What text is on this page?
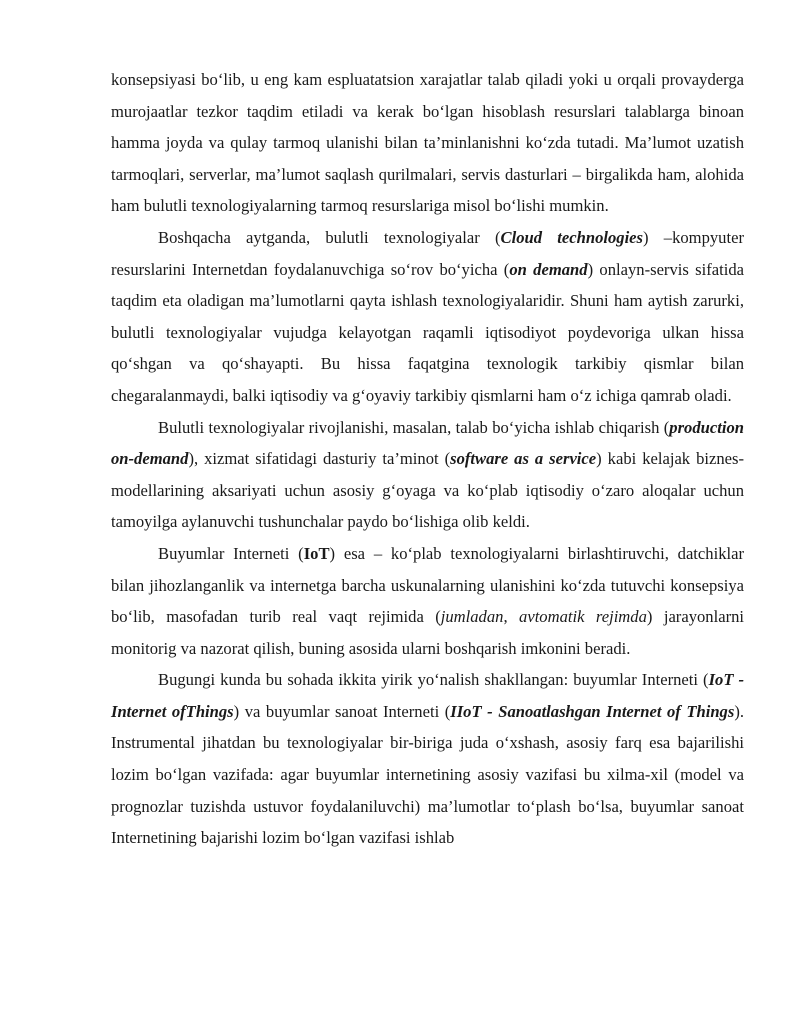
konsepsiyasi bo‘lib, u eng kam espluatatsion xarajatlar talab qiladi yoki u orqali provayderga murojaatlar tezkor taqdim etiladi va kerak bo‘lgan hisoblash resurslari talablarga binoan hamma joyda va qulay tarmoq ulanishi bilan ta’minlanishni ko‘zda tutadi. Ma’lumot uzatish tarmoqlari, serverlar, ma’lumot saqlash qurilmalari, servis dasturlari – birgalikda ham, alohida ham bulutli texnologiyalarning tarmoq resurslariga misol bo‘lishi mumkin.

Boshqacha aytganda, bulutli texnologiyalar (Cloud technologies) –kompyuter resurslarini Internetdan foydalanuvchiga so‘rov bo‘yicha (on demand) onlayn-servis sifatida taqdim eta oladigan ma’lumotlarni qayta ishlash texnologiyalaridir. Shuni ham aytish zarurki, bulutli texnologiyalar vujudga kelayotgan raqamli iqtisodiyot poydevoriga ulkan hissa qo‘shgan va qo‘shayapti. Bu hissa faqatgina texnologik tarkibiy qismlar bilan chegaralanmaydi, balki iqtisodiy va g‘oyaviy tarkibiy qismlarni ham o‘z ichiga qamrab oladi.

Bulutli texnologiyalar rivojlanishi, masalan, talab bo‘yicha ishlab chiqarish (production on-demand), xizmat sifatidagi dasturiy ta’minot (software as a service) kabi kelajak biznes-modellarining aksariyati uchun asosiy g‘oyaga va ko‘plab iqtisodiy o‘zaro aloqalar uchun tamoyilga aylanuvchi tushunchalar paydo bo‘lishiga olib keldi.

Buyumlar Interneti (IoT) esa – ko‘plab texnologiyalarni birlashtiruvchi, datchiklar bilan jihozlanganlik va internetga barcha uskunalarning ulanishini ko‘zda tutuvchi konsepsiya bo‘lib, masofadan turib real vaqt rejimida (jumladan, avtomatik rejimda) jarayonlarni monitorig va nazorat qilish, buning asosida ularni boshqarish imkonini beradi.

Bugungi kunda bu sohada ikkita yirik yo‘nalish shakllangan: buyumlar Interneti (IoT - Internet ofThings) va buyumlar sanoat Interneti (IIoT - Sanoatlashgan Internet of Things). Instrumental jihatdan bu texnologiyalar bir-biriga juda o‘xshash, asosiy farq esa bajarilishi lozim bo‘lgan vazifada: agar buyumlar internetining asosiy vazifasi bu xilma-xil (model va prognozlar tuzishda ustuvor foydalaniluvchi) ma’lumotlar to‘plash bo‘lsa, buyumlar sanoat Internetining bajarishi lozim bo‘lgan vazifasi ishlab
